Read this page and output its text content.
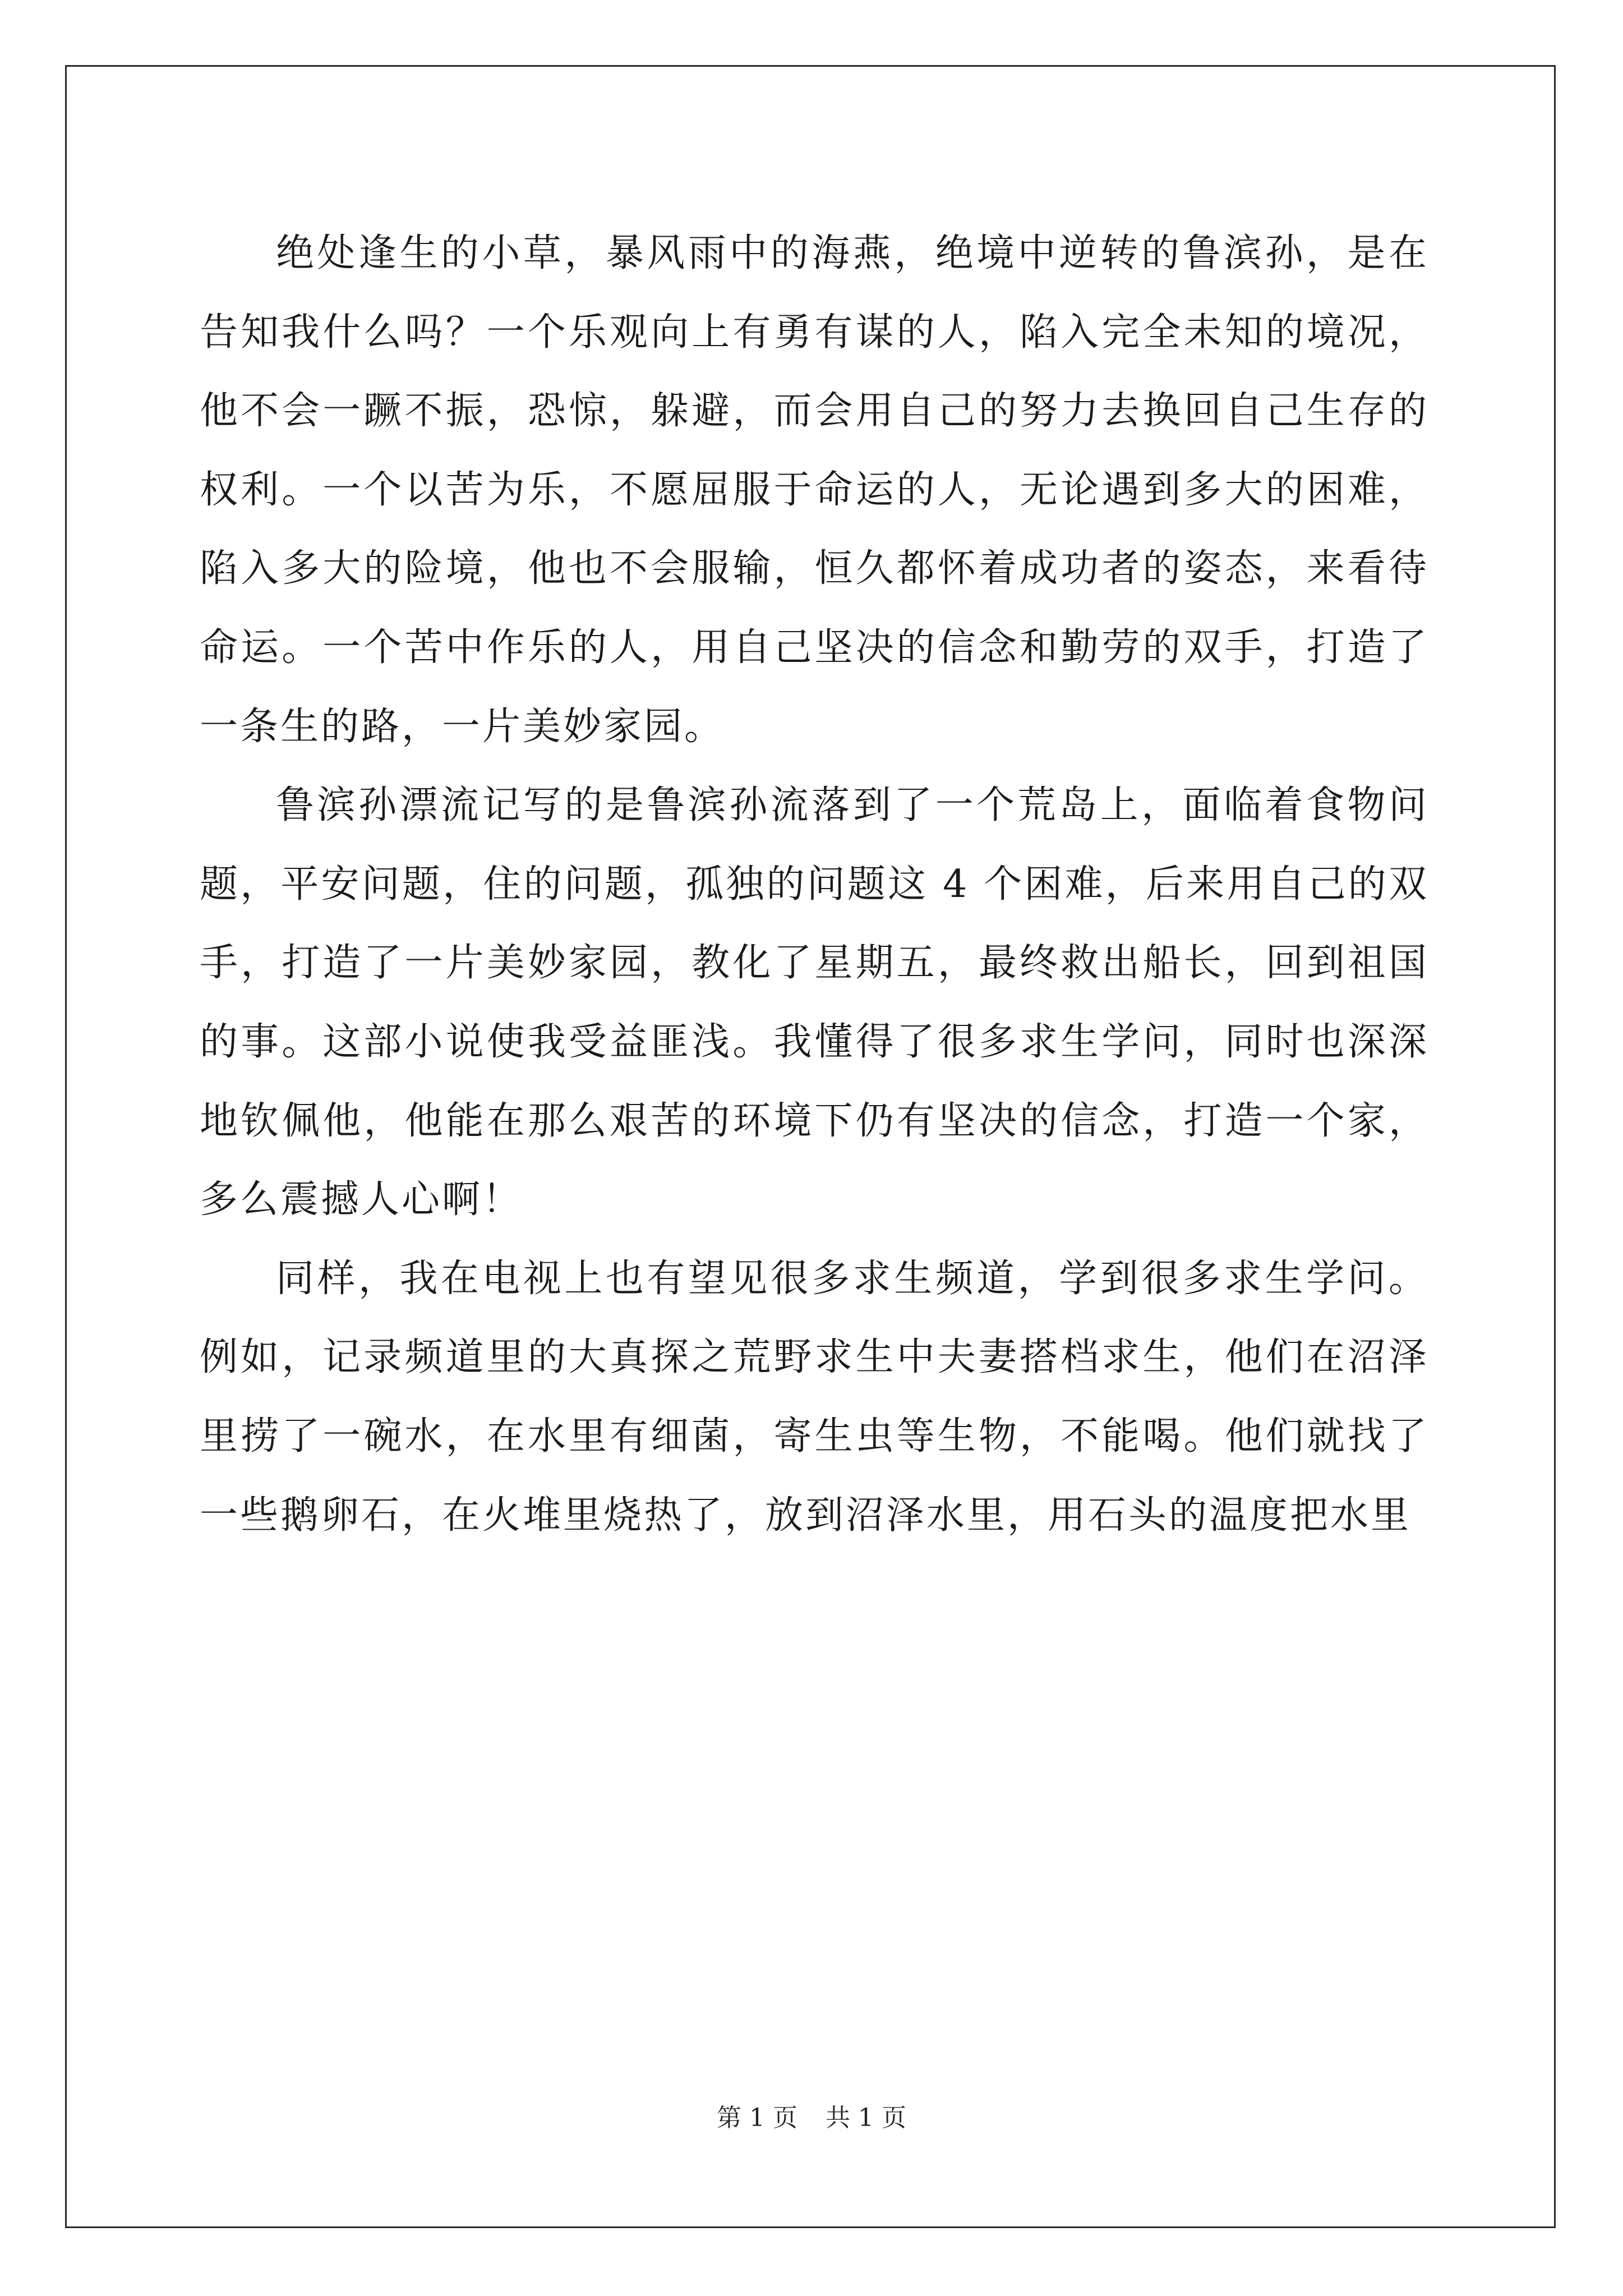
绝处逢生的小草，暴风雨中的海燕，绝境中逆转的鲁滨孙，是在告知我什么吗？一个乐观向上有勇有谋的人，陷入完全未知的境况，他不会一蹶不振，恐惊，躲避，而会用自己的努力去换回自己生存的权利。一个以苦为乐，不愿屈服于命运的人，无论遇到多大的困难，陷入多大的险境，他也不会服输，恒久都怀着成功者的姿态，来看待命运。一个苦中作乐的人，用自己坚决的信念和勤劳的双手，打造了一条生的路，一片美妙家园。

鲁滨孙漂流记写的是鲁滨孙流落到了一个荒岛上，面临着食物问题，平安问题，住的问题，孤独的问题这 4 个困难，后来用自己的双手，打造了一片美妙家园，教化了星期五，最终救出船长，回到祖国的事。这部小说使我受益匪浅。我懂得了很多求生学问，同时也深深地钦佩他，他能在那么艰苦的环境下仍有坚决的信念，打造一个家，多么震撼人心啊！

同样，我在电视上也有望见很多求生频道，学到很多求生学问。例如，记录频道里的大真探之荒野求生中夫妻搭档求生，他们在沼泽里捞了一碗水，在水里有细菌，寄生虫等生物，不能喝。他们就找了一些鹅卵石，在火堆里烧热了，放到沼泽水里，用石头的温度把水里

第 1 页 共 1 页
